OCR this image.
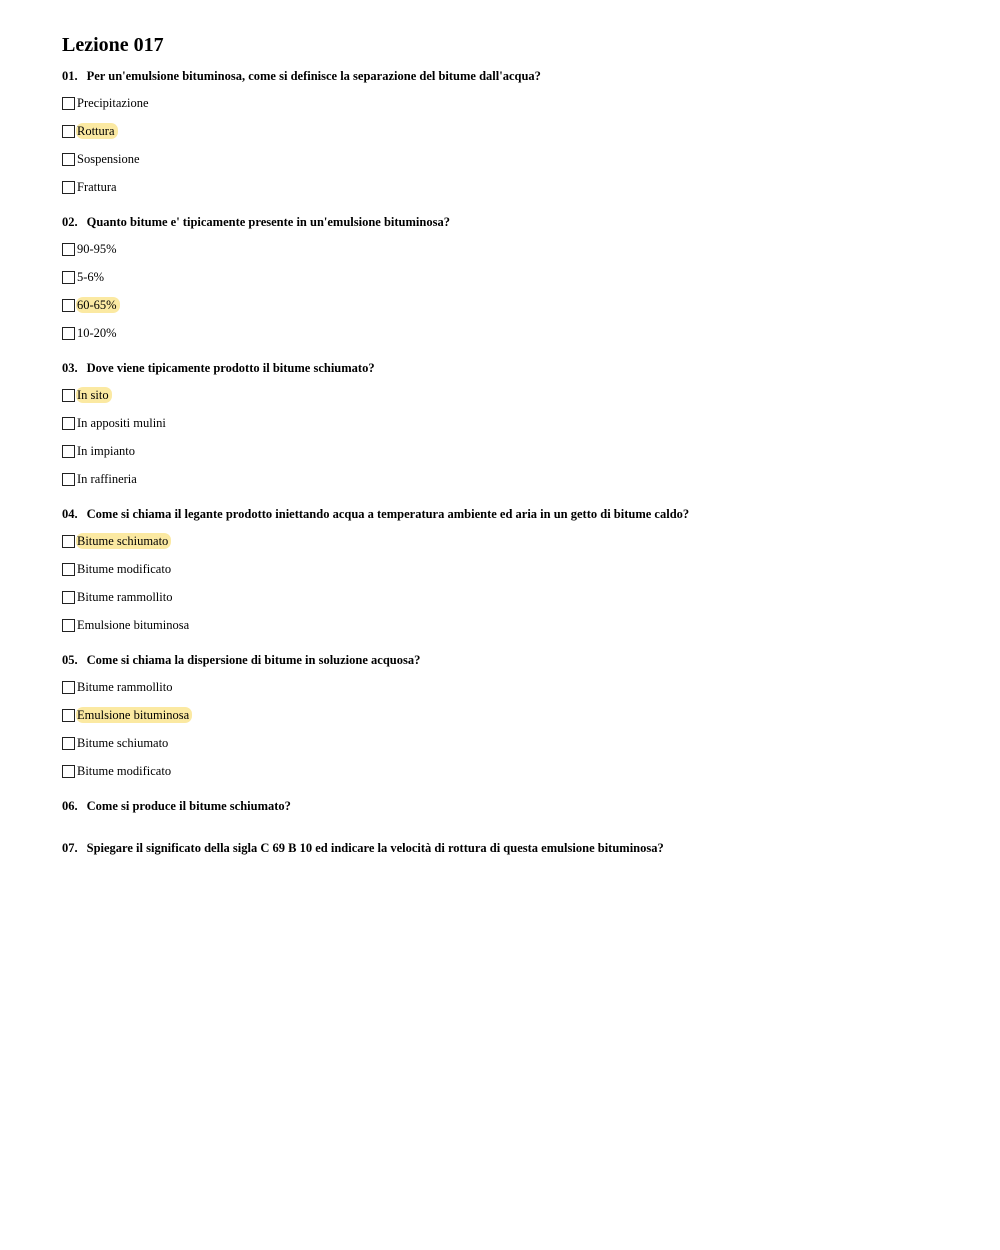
Lezione 017
01. Per un'emulsione bituminosa, come si definisce la separazione del bitume dall'acqua?
Precipitazione
Rottura
Sospensione
Frattura
02. Quanto bitume e' tipicamente presente in un'emulsione bituminosa?
90-95%
5-6%
60-65%
10-20%
03. Dove viene tipicamente prodotto il bitume schiumato?
In sito
In appositi mulini
In impianto
In raffineria
04. Come si chiama il legante prodotto iniettando acqua a temperatura ambiente ed aria in un getto di bitume caldo?
Bitume schiumato
Bitume modificato
Bitume rammollito
Emulsione bituminosa
05. Come si chiama la dispersione di bitume in soluzione acquosa?
Bitume rammollito
Emulsione bituminosa
Bitume schiumato
Bitume modificato
06. Come si produce il bitume schiumato?
07. Spiegare il significato della sigla C 69 B 10 ed indicare la velocità di rottura di questa emulsione bituminosa?
